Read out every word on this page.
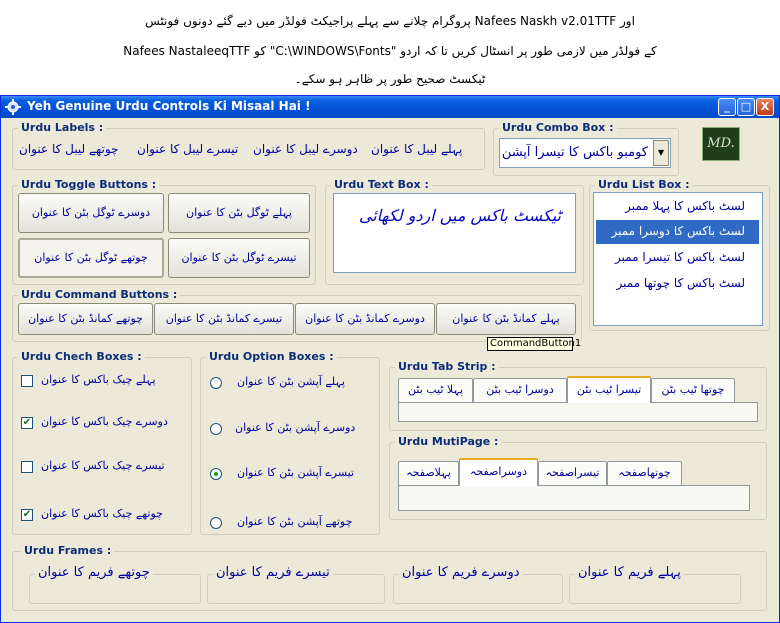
پروگرام چلانے سے پہلے پراجیکٹ فولڈر میں دیے گئے دونوں فونٹس Nafees Naskh v2.01TTF اور
Nafees NastaleeqTTF کو "C:\WINDOWS\Fonts" کے فولڈر میں لازمی طور پر انسٹال کریں تا کہ اردو
ٹیکسٹ صحیح طور پر ظاہر ہو سکے۔
Yeh Genuine Urdu Controls Ki Misaal Hai !	_	□ X
Urdu Labels :
پہلے لیبل کا عنوان
دوسرے لیبل کا عنوان
تیسرے لیبل کا عنوان
چوتھے لیبل کا عنوان
Urdu Combo Box :
کومبو باکس کا تیسرا آپشن	▼
MD.
Urdu Toggle Buttons :
پہلے ٹوگل بٹن کا عنوان
دوسرے ٹوگل بٹن کا عنوان
تیسرے ٹوگل بٹن کا عنوان
چوتھے ٹوگل بٹن کا عنوان
Urdu Text Box :
ٹیکسٹ باکس میں اردو لکھائی
Urdu List Box :
لسٹ باکس کا پہلا ممبر
لسٹ باکس کا دوسرا ممبر
لسٹ باکس کا تیسرا ممبر
لسٹ باکس کا چوتھا ممبر
Urdu Command Buttons :
پہلے کمانڈ بٹن کا عنوان
دوسرے کمانڈ بٹن کا عنوان
تیسرے کمانڈ بٹن کا عنوان
چوتھے کمانڈ بٹن کا عنوان
CommandButton1
Urdu Chech Boxes :
پہلے چیک باکس کا عنوان
✔ دوسرے چیک باکس کا عنوان
تیسرے چیک باکس کا عنوان
✔ چوتھے چیک باکس کا عنوان
Urdu Option Boxes :
پہلے آپشن بٹن کا عنوان
دوسرے آپشن بٹن کا عنوان
تیسرے آپشن بٹن کا عنوان
چوتھے آپشن بٹن کا عنوان
Urdu Tab Strip :
چوتھا ٹیب بٹن
تیسرا ٹیب بٹن
دوسرا ٹیب بٹن
پہلا ٹیب بٹن
Urdu MutiPage :
چوتھاصفحہ
تیسراصفحہ
دوسراصفحہ
پہلاصفحہ
Urdu Frames :
پہلے فریم کا عنوان
دوسرے فریم کا عنوان
تیسرے فریم کا عنوان
چوتھے فریم کا عنوان
